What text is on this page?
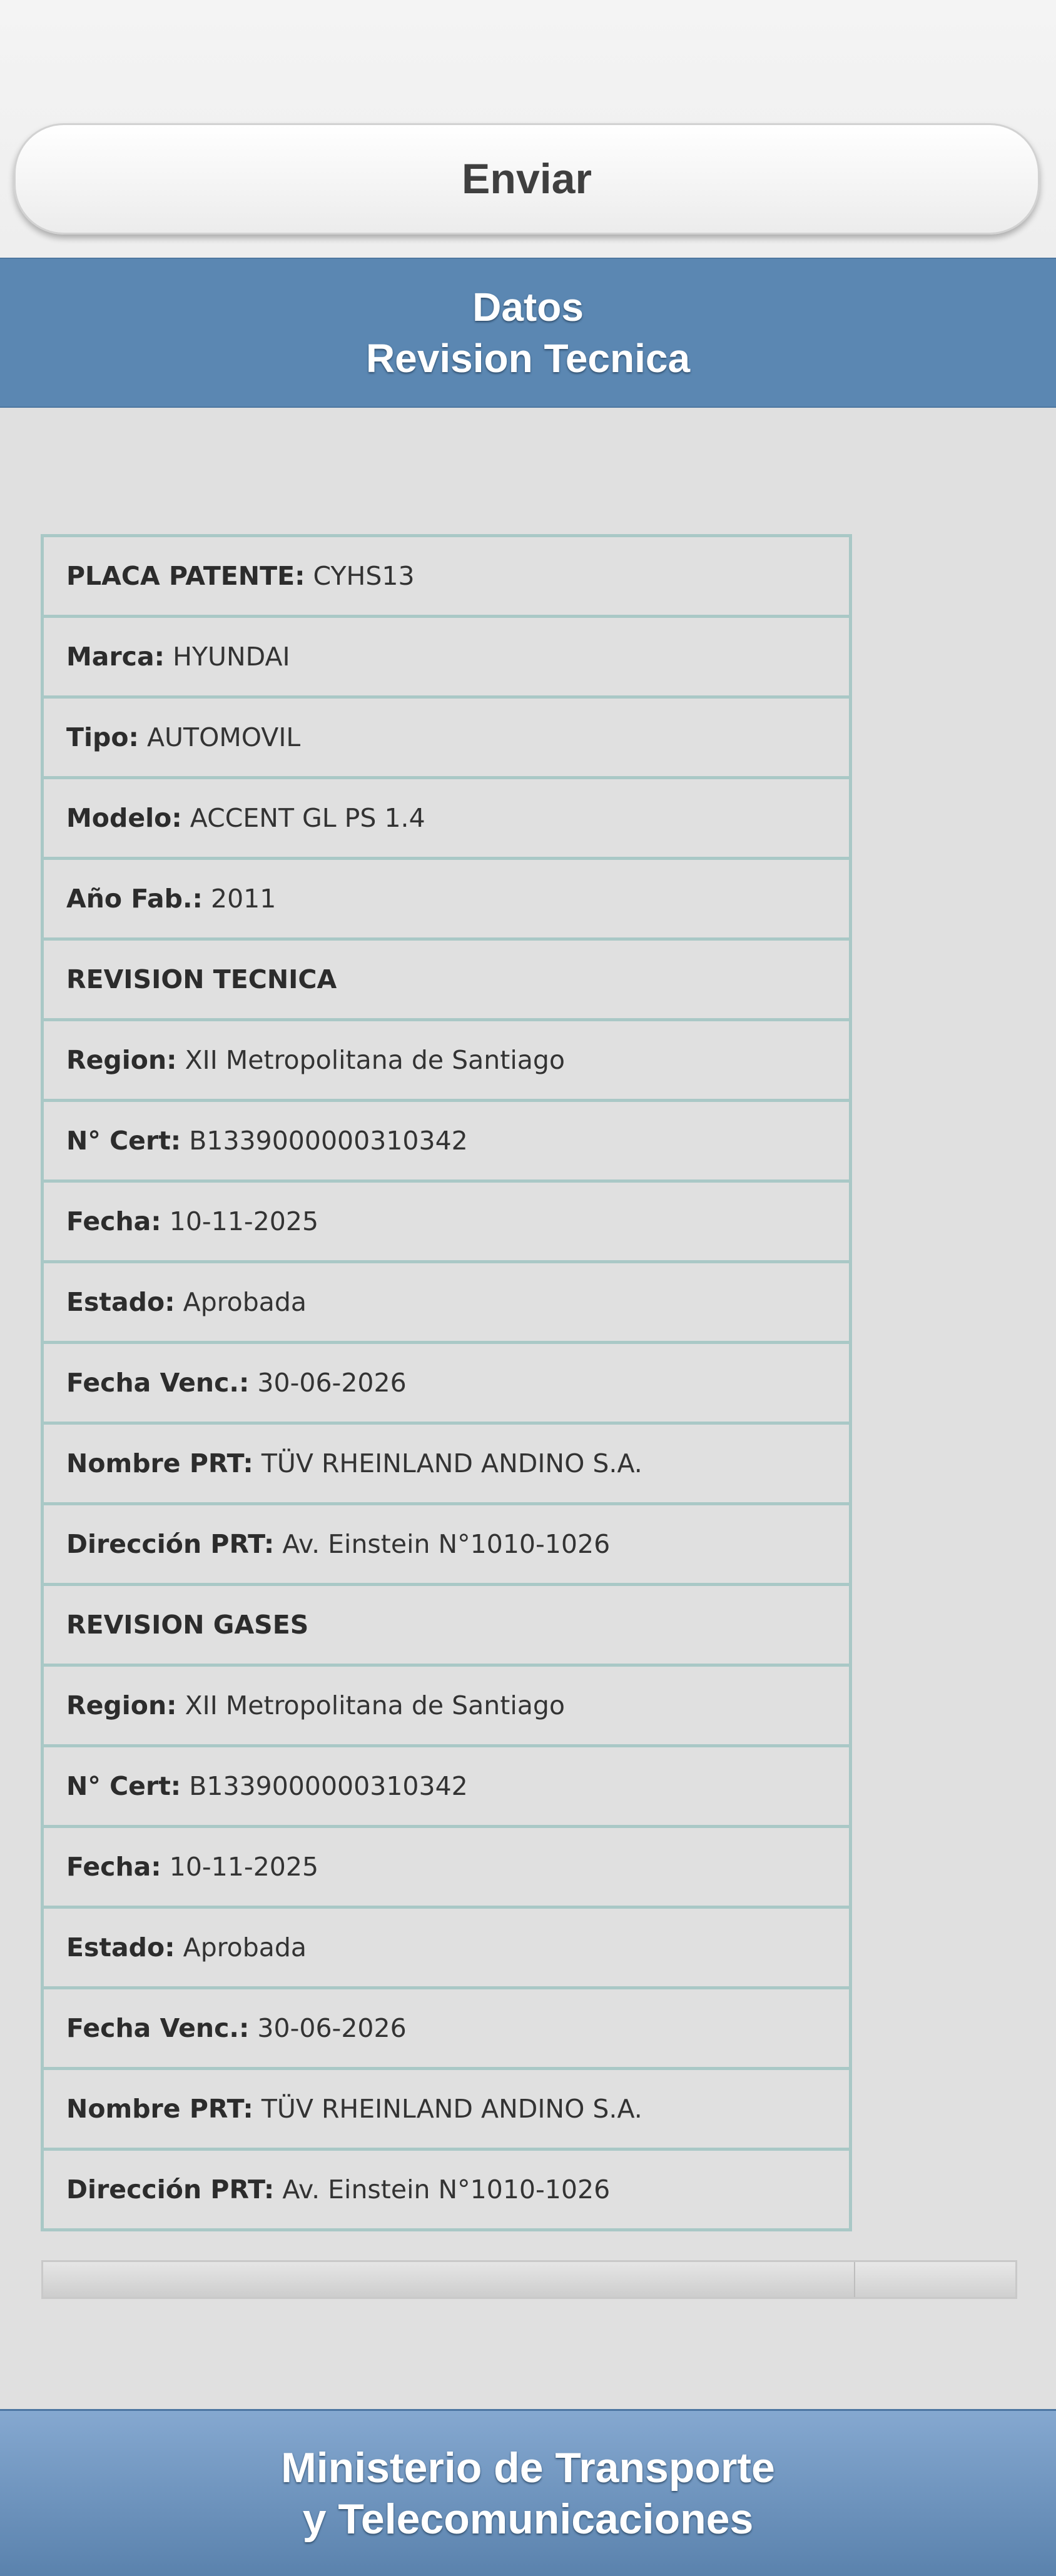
Enviar
Datos
Revision Tecnica
PLACA PATENTE: CYHS13
Marca: HYUNDAI
Tipo: AUTOMOVIL
Modelo: ACCENT GL PS 1.4
Año Fab.: 2011
REVISION TECNICA
Region: XII Metropolitana de Santiago
N° Cert: B1339000000310342
Fecha: 10-11-2025
Estado: Aprobada
Fecha Venc.: 30-06-2026
Nombre PRT: TÜV RHEINLAND ANDINO S.A.
Dirección PRT: Av. Einstein N°1010-1026
REVISION GASES
Region: XII Metropolitana de Santiago
N° Cert: B1339000000310342
Fecha: 10-11-2025
Estado: Aprobada
Fecha Venc.: 30-06-2026
Nombre PRT: TÜV RHEINLAND ANDINO S.A.
Dirección PRT: Av. Einstein N°1010-1026
Ministerio de Transporte
y Telecomunicaciones
